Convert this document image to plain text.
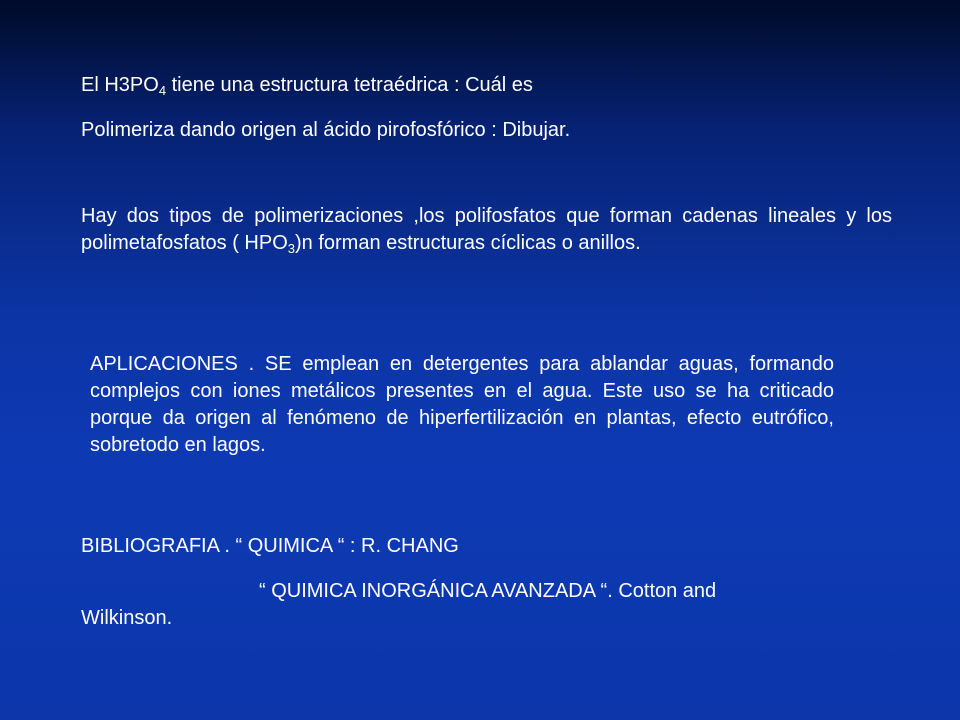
El $H3PO_4$ tiene una estructura tetraédrica : Cuál es

Polimeriza dando origen al ácido pirofosfórico : Dibujar.

Hay dos tipos de polimerizaciones ,los polifosfatos que forman cadenas lineales y los polimetafosfatos ( $HPO_3)n$ forman estructuras cíclicas o anillos.

APLICACIONES . SE emplean en detergentes para ablandar aguas, formando complejos con iones metálicos presentes en el agua. Este uso se ha criticado porque da origen al fenómeno de hiperfertilización en plantas, efecto eutrófico, sobretodo en lagos.

BIBLIOGRAFIA . “ QUIMICA “ : R. CHANG

“ QUIMICA INORGÁNICA AVANZADA “. Cotton and

Wilkinson.
